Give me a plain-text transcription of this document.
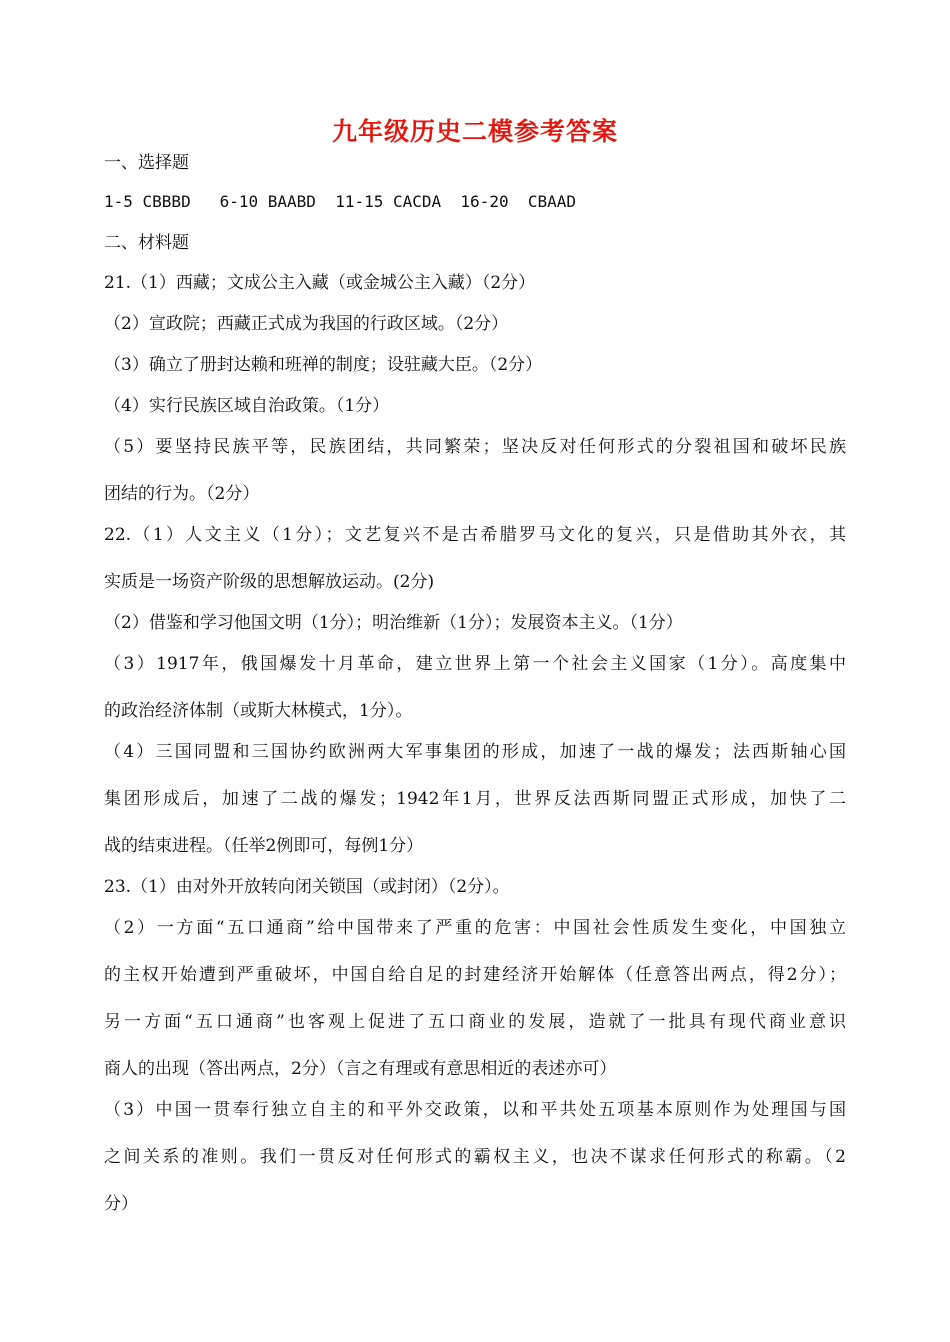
九年级历史二模参考答案
一、选择题
1-5 CBBBD   6-10 BAABD  11-15 CACDA  16-20  CBAAD
二、材料题
21.（1）西藏；文成公主入藏（或金城公主入藏）（2分）
（2）宣政院；西藏正式成为我国的行政区域。（2分）
（3）确立了册封达赖和班禅的制度；设驻藏大臣。（2分）
（4）实行民族区域自治政策。（1分）
（5）要坚持民族平等，民族团结，共同繁荣；坚决反对任何形式的分裂祖国和破坏民族
团结的行为。（2分）
22.（1）人文主义（1分）；文艺复兴不是古希腊罗马文化的复兴，只是借助其外衣，其
实质是一场资产阶级的思想解放运动。(2分)
（2）借鉴和学习他国文明（1分）；明治维新（1分）；发展资本主义。（1分）
（3）1917年，俄国爆发十月革命，建立世界上第一个社会主义国家（1分）。高度集中
的政治经济体制（或斯大林模式，1分）。
（4）三国同盟和三国协约欧洲两大军事集团的形成，加速了一战的爆发；法西斯轴心国
集团形成后，加速了二战的爆发；1942年1月，世界反法西斯同盟正式形成，加快了二
战的结束进程。（任举2例即可，每例1分）
23.（1）由对外开放转向闭关锁国（或封闭）（2分）。
（2）一方面“五口通商”给中国带来了严重的危害：中国社会性质发生变化，中国独立
的主权开始遭到严重破坏，中国自给自足的封建经济开始解体（任意答出两点，得2分）；
另一方面“五口通商”也客观上促进了五口商业的发展，造就了一批具有现代商业意识
商人的出现（答出两点，2分）（言之有理或有意思相近的表述亦可）
（3）中国一贯奉行独立自主的和平外交政策，以和平共处五项基本原则作为处理国与国
之间关系的准则。我们一贯反对任何形式的霸权主义，也决不谋求任何形式的称霸。（2
分）
